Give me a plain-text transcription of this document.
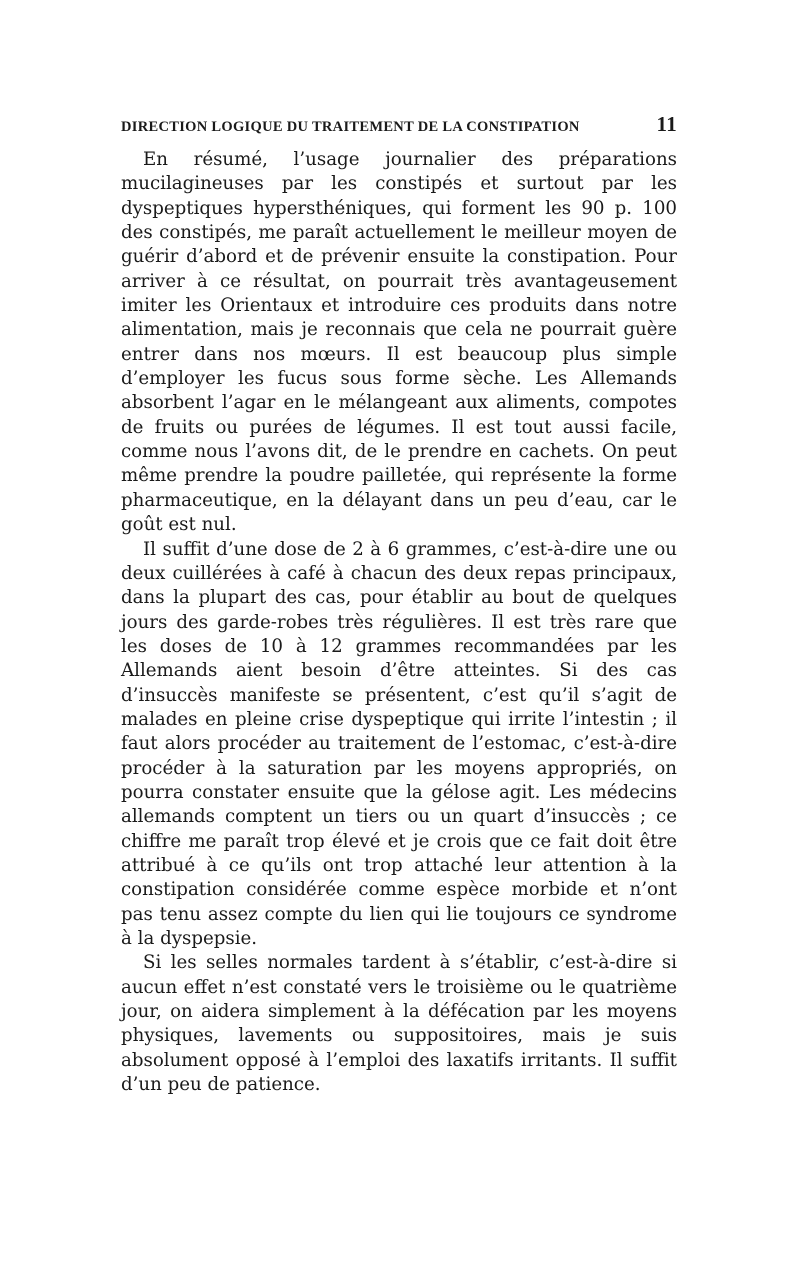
DIRECTION LOGIQUE DU TRAITEMENT DE LA CONSTIPATION	11

En résumé, l’usage journalier des préparations mucilagineuses par les constipés et surtout par les dyspeptiques hypersthéniques, qui forment les 90 p. 100 des constipés, me paraît actuellement le meilleur moyen de guérir d’abord et de prévenir ensuite la constipation. Pour arriver à ce résultat, on pourrait très avantageusement imiter les Orientaux et introduire ces produits dans notre alimentation, mais je reconnais que cela ne pourrait guère entrer dans nos mœurs. Il est beaucoup plus simple d’employer les fucus sous forme sèche. Les Allemands absorbent l’agar en le mélangeant aux aliments, compotes de fruits ou purées de légumes. Il est tout aussi facile, comme nous l’avons dit, de le prendre en cachets. On peut même prendre la poudre pailletée, qui représente la forme pharmaceutique, en la délayant dans un peu d’eau, car le goût est nul.

Il suffit d’une dose de 2 à 6 grammes, c’est-à-dire une ou deux cuillérées à café à chacun des deux repas principaux, dans la plupart des cas, pour établir au bout de quelques jours des garde-robes très régulières. Il est très rare que les doses de 10 à 12 grammes recommandées par les Allemands aient besoin d’être atteintes. Si des cas d’insuccès manifeste se présentent, c’est qu’il s’agit de malades en pleine crise dyspeptique qui irrite l’intestin ; il faut alors procéder au traitement de l’estomac, c’est-à-dire procéder à la saturation par les moyens appropriés, on pourra constater ensuite que la gélose agit. Les médecins allemands comptent un tiers ou un quart d’insuccès ; ce chiffre me paraît trop élevé et je crois que ce fait doit être attribué à ce qu’ils ont trop attaché leur attention à la constipation considérée comme espèce morbide et n’ont pas tenu assez compte du lien qui lie toujours ce syndrome à la dyspepsie.

Si les selles normales tardent à s’établir, c’est-à-dire si aucun effet n’est constaté vers le troisième ou le quatrième jour, on aidera simplement à la défécation par les moyens physiques, lavements ou suppositoires, mais je suis absolument opposé à l’emploi des laxatifs irritants. Il suffit d’un peu de patience.
